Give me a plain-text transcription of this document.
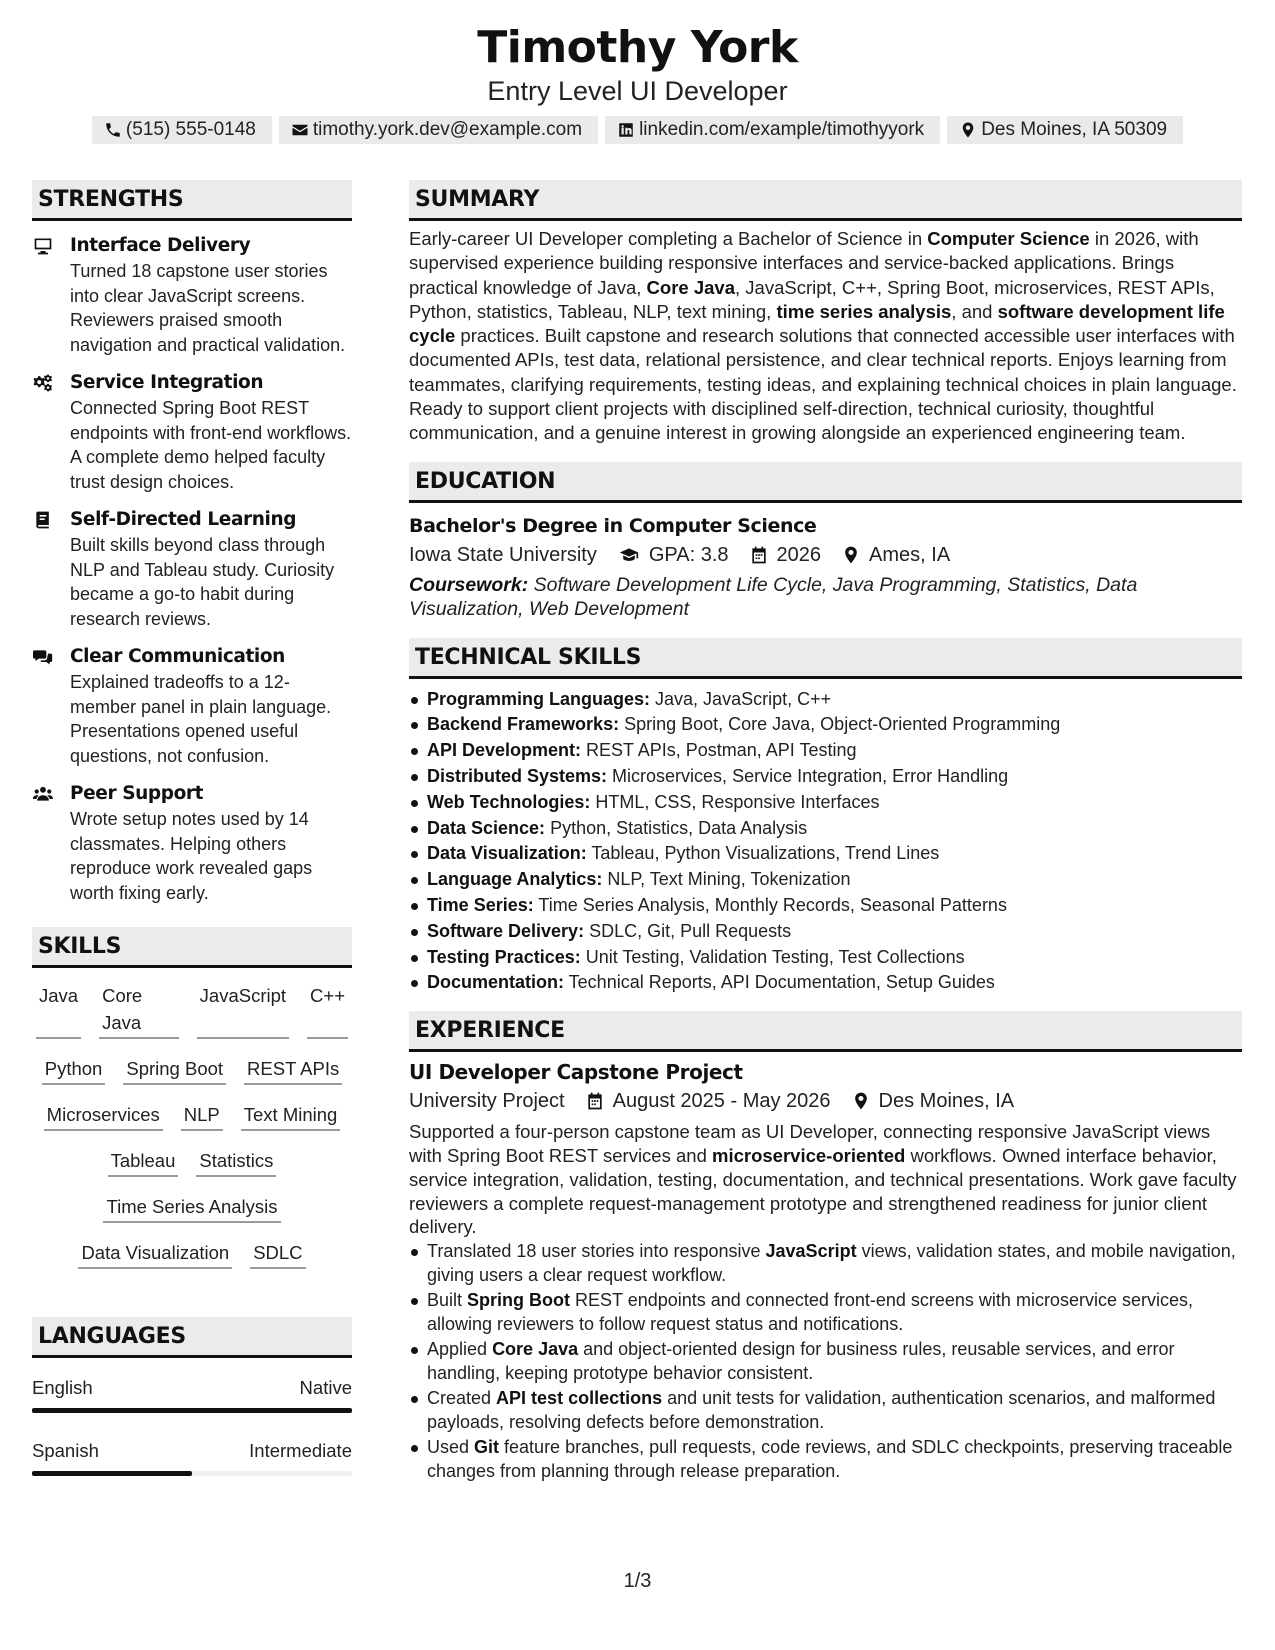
Timothy York
Entry Level UI Developer
(515) 555-0148	timothy.york.dev@example.com	linkedin.com/example/timothyyork	Des Moines, IA 50309
STRENGTHS
Interface Delivery
Turned 18 capstone user stories into clear JavaScript screens. Reviewers praised smooth navigation and practical validation.
Service Integration
Connected Spring Boot REST endpoints with front-end workflows. A complete demo helped faculty trust design choices.
Self-Directed Learning
Built skills beyond class through NLP and Tableau study. Curiosity became a go-to habit during research reviews.
Clear Communication
Explained tradeoffs to a 12-member panel in plain language. Presentations opened useful questions, not confusion.
Peer Support
Wrote setup notes used by 14 classmates. Helping others reproduce work revealed gaps worth fixing early.
SKILLS
Java Core Java
JavaScript C++
Python Spring Boot REST APIs
Microservices NLP Text Mining
Tableau Statistics
Time Series Analysis
Data Visualization SDLC
LANGUAGES
English	Native
Spanish	Intermediate
SUMMARY
Early-career UI Developer completing a Bachelor of Science in Computer Science in 2026, with supervised experience building responsive interfaces and service-backed applications. Brings practical knowledge of Java, Core Java, JavaScript, C++, Spring Boot, microservices, REST APIs, Python, statistics, Tableau, NLP, text mining, time series analysis, and software development life cycle practices. Built capstone and research solutions that connected accessible user interfaces with documented APIs, test data, relational persistence, and clear technical reports. Enjoys learning from teammates, clarifying requirements, testing ideas, and explaining technical choices in plain language. Ready to support client projects with disciplined self-direction, technical curiosity, thoughtful communication, and a genuine interest in growing alongside an experienced engineering team.
EDUCATION
Bachelor's Degree in Computer Science
Iowa State University	GPA: 3.8 2026 Ames, IA
Coursework: Software Development Life Cycle, Java Programming, Statistics, Data Visualization, Web Development
TECHNICAL SKILLS
Programming Languages: Java, JavaScript, C++
Backend Frameworks: Spring Boot, Core Java, Object-Oriented Programming
API Development: REST APIs, Postman, API Testing
Distributed Systems: Microservices, Service Integration, Error Handling
Web Technologies: HTML, CSS, Responsive Interfaces
Data Science: Python, Statistics, Data Analysis
Data Visualization: Tableau, Python Visualizations, Trend Lines
Language Analytics: NLP, Text Mining, Tokenization
Time Series: Time Series Analysis, Monthly Records, Seasonal Patterns
Software Delivery: SDLC, Git, Pull Requests
Testing Practices: Unit Testing, Validation Testing, Test Collections
Documentation: Technical Reports, API Documentation, Setup Guides
EXPERIENCE
UI Developer Capstone Project
University Project August 2025 - May 2026 Des Moines, IA
Supported a four-person capstone team as UI Developer, connecting responsive JavaScript views with Spring Boot REST services and microservice-oriented workflows. Owned interface behavior, service integration, validation, testing, documentation, and technical presentations. Work gave faculty reviewers a complete request-management prototype and strengthened readiness for junior client delivery.
Translated 18 user stories into responsive JavaScript views, validation states, and mobile navigation, giving users a clear request workflow.
Built Spring Boot REST endpoints and connected front-end screens with microservice services, allowing reviewers to follow request status and notifications.
Applied Core Java and object-oriented design for business rules, reusable services, and error handling, keeping prototype behavior consistent.
Created API test collections and unit tests for validation, authentication scenarios, and malformed payloads, resolving defects before demonstration.
Used Git feature branches, pull requests, code reviews, and SDLC checkpoints, preserving traceable changes from planning through release preparation.
1/3
